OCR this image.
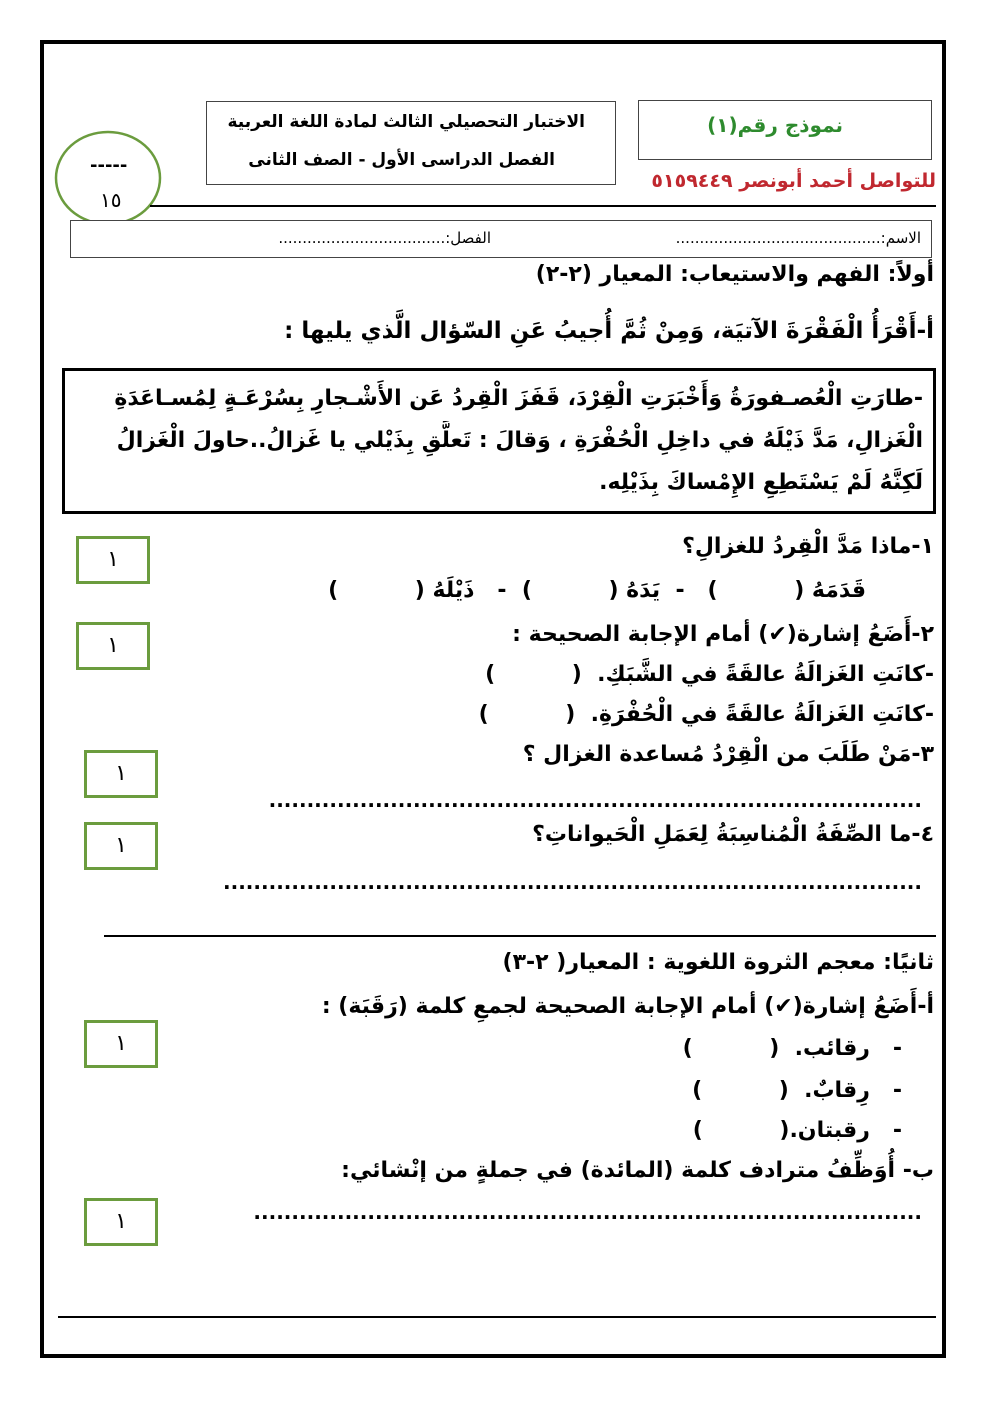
الاختبار التحصيلي الثالث لمادة اللغة العربية
الفصل الدراسى الأول - الصف الثانى
نموذج رقم(١)
للتواصل أحمد أبونصر ٥١٥٩٤٤٩
-----
١٥
الاسم:...........................................
الفصل:...................................
أولاً: الفهم والاستيعاب: المعيار (٢-٢)
أ-أَقْرَأُ الْفَقْرَةَ الآتيَة، وَمِنْ ثُمَّ أُجيبُ عَنِ السّؤال الَّذي يليها :
-طارَتِ الْعُصـفورَةُ وَأَخْبَرَتِ الْقِرْدَ، قَفَزَ الْقِردُ عَن الأَشْـجارِ بِسُرْعَـةٍ لِمُسـاعَدَةِ
الْغَزالِ، مَدَّ ذَيْلَهُ في داخِلِ الْحُفْرَةِ ، وَقالَ : تَعلَّقِ بِذَيْلي يا غَزالُ..حاولَ الْغَزالُ
لَكِنَّهُ لَمْ يَسْتَطِعِ الإِمْساكَ بِذَيْلِه.
١-ماذا مَدَّ الْقِردُ للغزالِ؟
قَدَمَهُ (          )   -  يَدَهُ (          )  -   ذَيْلَهُ (          )
١
٢-أَضَعُ إشارة(✔) أمام الإجابة الصحيحة :
-كانَتِ الغَزالَةُ عالقَةً في الشَّبَكِ.  (          )
-كانَتِ الغَزالَةُ عالقَةً في الْحُفْرَةِ.  (          )
١
٣-مَنْ طَلَبَ من الْقِرْدُ مُساعدة الغزال ؟
١
......................................................................................
٤-ما الصِّفَةُ الْمُناسِبَةُ لِعَمَلِ الْحَيواناتِ؟
١
............................................................................................
ثانيًا: معجم الثروة اللغوية : المعيار( ٢-٣)
أ-أَضَعُ إشارة(✔) أمام الإجابة الصحيحة لجمعِ كلمة (رَقَبَة) :
١	-   رقائب.  (          )
-   رِقابٌ.  (          )
-   رقبتان.(          )
ب- أُوَظِّفُ مترادف كلمة (المائدة) في جملةٍ من إنْشائي:
١	........................................................................................
